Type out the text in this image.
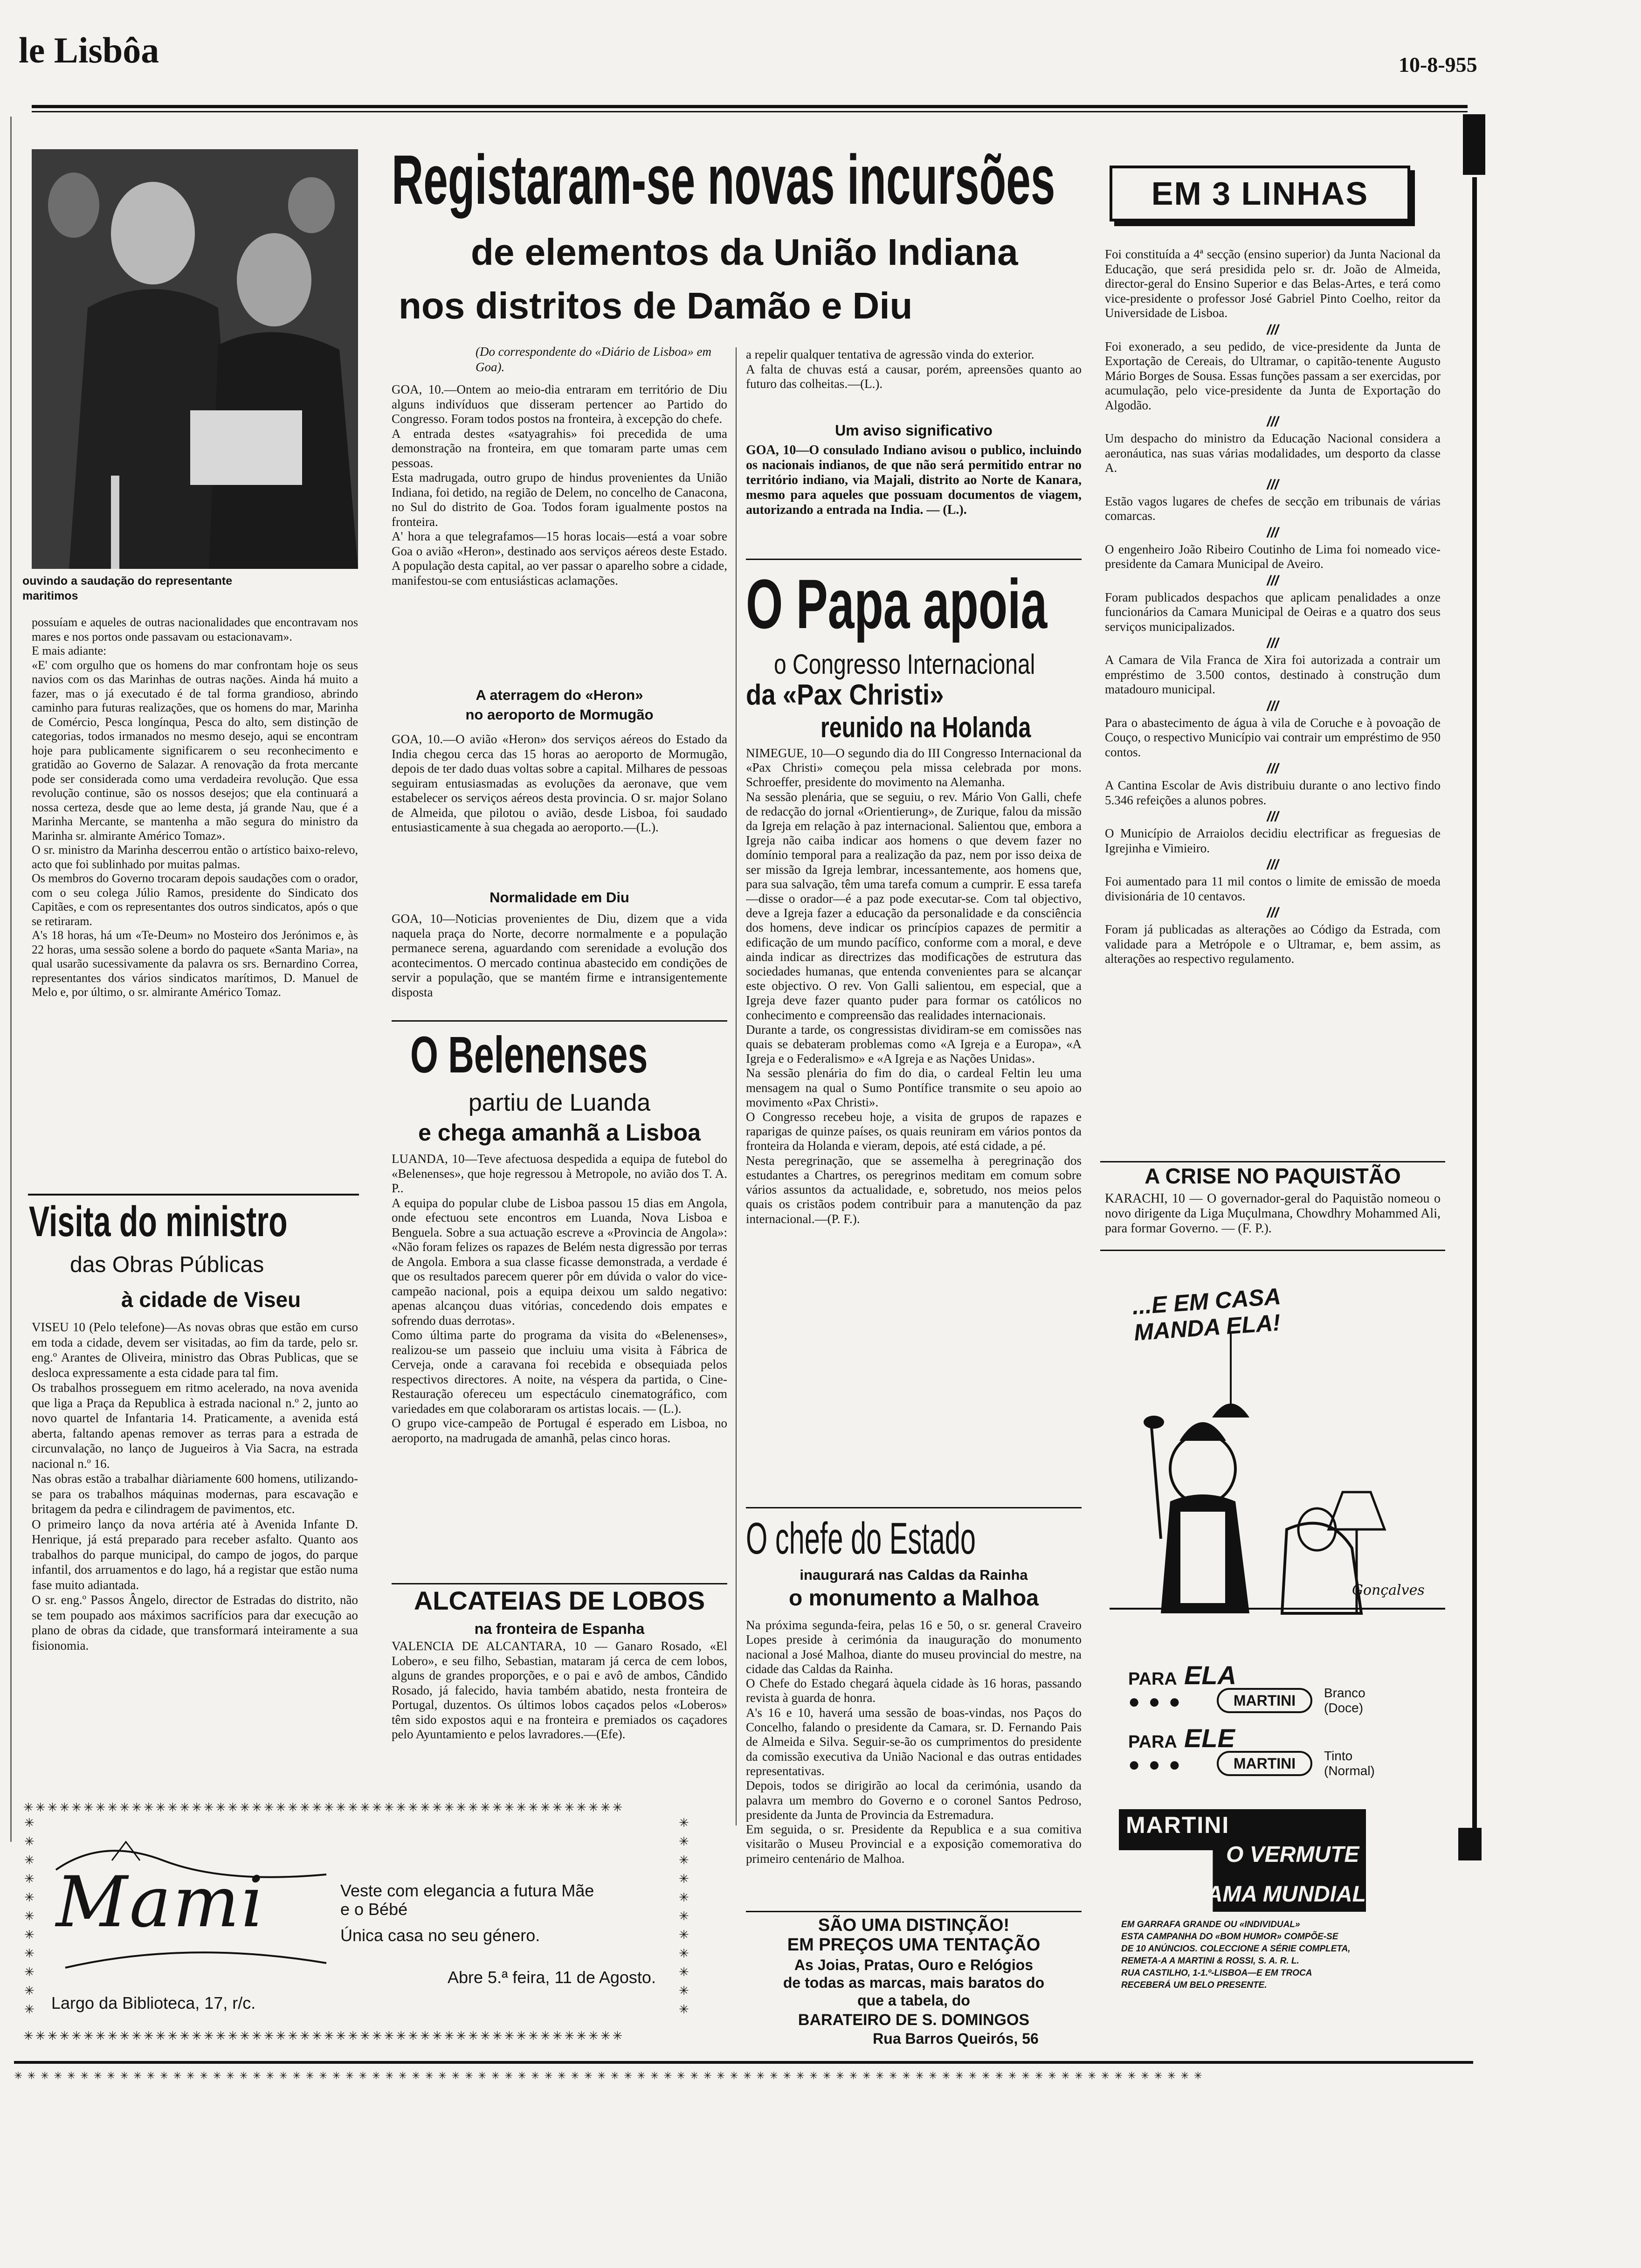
le Lisbôa	10-8-955
ouvindo a saudação do representante
maritimos
possuíam e aqueles de outras nacionalidades que encontravam nos mares e nos portos onde passavam ou estacionavam».
E mais adiante:
«E' com orgulho que os homens do mar confrontam hoje os seus navios com os das Marinhas de outras nações. Ainda há muito a fazer, mas o já executado é de tal forma grandioso, abrindo caminho para futuras realizações, que os homens do mar, Marinha de Comércio, Pesca longínqua, Pesca do alto, sem distinção de categorias, todos irmanados no mesmo desejo, aqui se encontram hoje para publicamente significarem o seu reconhecimento e gratidão ao Governo de Salazar. A renovação da frota mercante pode ser considerada como uma verdadeira revolução. Que essa revolução continue, são os nossos desejos; que ela continuará a nossa certeza, desde que ao leme desta, já grande Nau, que é a Marinha Mercante, se mantenha a mão segura do ministro da Marinha sr. almirante Américo Tomaz».
O sr. ministro da Marinha descerrou então o artístico baixo-relevo, acto que foi sublinhado por muitas palmas.
Os membros do Governo trocaram depois saudações com o orador, com o seu colega Júlio Ramos, presidente do Sindicato dos Capitães, e com os representantes dos outros sindicatos, após o que se retiraram.
A's 18 horas, há um «Te-Deum» no Mosteiro dos Jerónimos e, às 22 horas, uma sessão solene a bordo do paquete «Santa Maria», na qual usarão sucessivamente da palavra os srs. Bernardino Correa, representantes dos vários sindicatos marítimos, D. Manuel de Melo e, por último, o sr. almirante Américo Tomaz.
Visita do ministro
das Obras Públicas
à cidade de Viseu
VISEU 10 (Pelo telefone)—As novas obras que estão em curso em toda a cidade, devem ser visitadas, ao fim da tarde, pelo sr. eng.º Arantes de Oliveira, ministro das Obras Publicas, que se desloca expressamente a esta cidade para tal fim.
Os trabalhos prosseguem em ritmo acelerado, na nova avenida que liga a Praça da Republica à estrada nacional n.º 2, junto ao novo quartel de Infantaria 14. Praticamente, a avenida está aberta, faltando apenas remover as terras para a estrada de circunvalação, no lanço de Jugueiros à Via Sacra, na estrada nacional n.º 16.
Nas obras estão a trabalhar diàriamente 600 homens, utilizando-se para os trabalhos máquinas modernas, para escavação e britagem da pedra e cilindragem de pavimentos, etc.
O primeiro lanço da nova artéria até à Avenida Infante D. Henrique, já está preparado para receber asfalto. Quanto aos trabalhos do parque municipal, do campo de jogos, do parque infantil, dos arruamentos e do lago, há a registar que estão numa fase muito adiantada.
O sr. eng.º Passos Ângelo, director de Estradas do distrito, não se tem poupado aos máximos sacrifícios para dar execução ao plano de obras da cidade, que transformará inteiramente a sua fisionomia.
Registaram-se novas incursões
de elementos da União Indiana
nos distritos de Damão e Diu
(Do correspondente do «Diário de Lisboa» em Goa).
GOA, 10.—Ontem ao meio-dia entraram em território de Diu alguns indivíduos que disseram pertencer ao Partido do Congresso. Foram todos postos na fronteira, à excepção do chefe.
A entrada destes «satyagrahis» foi precedida de uma demonstração na fronteira, em que tomaram parte umas cem pessoas.
Esta madrugada, outro grupo de hindus provenientes da União Indiana, foi detido, na região de Delem, no concelho de Canacona, no Sul do distrito de Goa. Todos foram igualmente postos na fronteira.
A' hora a que telegrafamos—15 horas locais—está a voar sobre Goa o avião «Heron», destinado aos serviços aéreos deste Estado. A população desta capital, ao ver passar o aparelho sobre a cidade, manifestou-se com entusiásticas aclamações.
A aterragem do «Heron»
no aeroporto de Mormugão
GOA, 10.—O avião «Heron» dos serviços aéreos do Estado da India chegou cerca das 15 horas ao aeroporto de Mormugão, depois de ter dado duas voltas sobre a capital. Milhares de pessoas seguiram entusiasmadas as evoluções da aeronave, que vem estabelecer os serviços aéreos desta provincia. O sr. major Solano de Almeida, que pilotou o avião, desde Lisboa, foi saudado entusiasticamente à sua chegada ao aeroporto.—(L.).
Normalidade em Diu
GOA, 10—Noticias provenientes de Diu, dizem que a vida naquela praça do Norte, decorre normalmente e a população permanece serena, aguardando com serenidade a evolução dos acontecimentos. O mercado continua abastecido em condições de servir a população, que se mantém firme e intransigentemente disposta
a repelir qualquer tentativa de agressão vinda do exterior.
A falta de chuvas está a causar, porém, apreensões quanto ao futuro das colheitas.—(L.).
Um aviso significativo
GOA, 10—O consulado Indiano avisou o publico, incluindo os nacionais indianos, de que não será permitido entrar no território indiano, via Majali, distrito ao Norte de Kanara, mesmo para aqueles que possuam documentos de viagem, autorizando a entrada na India. — (L.).
O Papa apoia
o Congresso Internacional
da «Pax Christi»
reunido na Holanda
NIMEGUE, 10—O segundo dia do III Congresso Internacional da «Pax Christi» começou pela missa celebrada por mons. Schroeffer, presidente do movimento na Alemanha.
Na sessão plenária, que se seguiu, o rev. Mário Von Galli, chefe de redacção do jornal «Orientierung», de Zurique, falou da missão da Igreja em relação à paz internacional. Salientou que, embora a Igreja não caiba indicar aos homens o que devem fazer no domínio temporal para a realização da paz, nem por isso deixa de ser missão da Igreja lembrar, incessantemente, aos homens que, para sua salvação, têm uma tarefa comum a cumprir. E essa tarefa—disse o orador—é a paz pode executar-se. Com tal objectivo, deve a Igreja fazer a educação da personalidade e da consciência dos homens, deve indicar os princípios capazes de permitir a edificação de um mundo pacífico, conforme com a moral, e deve ainda indicar as directrizes das modificações de estrutura das sociedades humanas, que entenda convenientes para se alcançar este objectivo. O rev. Von Galli salientou, em especial, que a Igreja deve fazer quanto puder para formar os católicos no conhecimento e compreensão das realidades internacionais.
Durante a tarde, os congressistas dividiram-se em comissões nas quais se debateram problemas como «A Igreja e a Europa», «A Igreja e o Federalismo» e «A Igreja e as Nações Unidas».
Na sessão plenária do fim do dia, o cardeal Feltin leu uma mensagem na qual o Sumo Pontífice transmite o seu apoio ao movimento «Pax Christi».
O Congresso recebeu hoje, a visita de grupos de rapazes e raparigas de quinze países, os quais reuniram em vários pontos da fronteira da Holanda e vieram, depois, até está cidade, a pé.
Nesta peregrinação, que se assemelha à peregrinação dos estudantes a Chartres, os peregrinos meditam em comum sobre vários assuntos da actualidade, e, sobretudo, nos meios pelos quais os cristãos podem contribuir para a manutenção da paz internacional.—(P. F.).
O Belenenses
partiu de Luanda
e chega amanhã a Lisboa
LUANDA, 10—Teve afectuosa despedida a equipa de futebol do «Belenenses», que hoje regressou à Metropole, no avião dos T. A. P..
A equipa do popular clube de Lisboa passou 15 dias em Angola, onde efectuou sete encontros em Luanda, Nova Lisboa e Benguela. Sobre a sua actuação escreve a «Provincia de Angola»: «Não foram felizes os rapazes de Belém nesta digressão por terras de Angola. Embora a sua classe ficasse demonstrada, a verdade é que os resultados parecem querer pôr em dúvida o valor do vice-campeão nacional, pois a equipa deixou um saldo negativo: apenas alcançou duas vitórias, concedendo dois empates e sofrendo duas derrotas».
Como última parte do programa da visita do «Belenenses», realizou-se um passeio que incluiu uma visita à Fábrica de Cerveja, onde a caravana foi recebida e obsequiada pelos respectivos directores. A noite, na véspera da partida, o Cine-Restauração ofereceu um espectáculo cinematográfico, com variedades em que colaboraram os artistas locais. — (L.).
O grupo vice-campeão de Portugal é esperado em Lisboa, no aeroporto, na madrugada de amanhã, pelas cinco horas.
ALCATEIAS DE LOBOS
na fronteira de Espanha
VALENCIA DE ALCANTARA, 10 — Ganaro Rosado, «El Lobero», e seu filho, Sebastian, mataram já cerca de cem lobos, alguns de grandes proporções, e o pai e avô de ambos, Cândido Rosado, já falecido, havia também abatido, nesta fronteira de Portugal, duzentos. Os últimos lobos caçados pelos «Loberos» têm sido expostos aqui e na fronteira e premiados os caçadores pelo Ayuntamiento e pelos lavradores.—(Efe).
O chefe do Estado
inaugurará nas Caldas da Rainha
o monumento a Malhoa
Na próxima segunda-feira, pelas 16 e 50, o sr. general Craveiro Lopes preside à cerimónia da inauguração do monumento nacional a José Malhoa, diante do museu provincial do mestre, na cidade das Caldas da Rainha.
O Chefe do Estado chegará àquela cidade às 16 horas, passando revista à guarda de honra.
A's 16 e 10, haverá uma sessão de boas-vindas, nos Paços do Concelho, falando o presidente da Camara, sr. D. Fernando Pais de Almeida e Silva. Seguir-se-ão os cumprimentos do presidente da comissão executiva da União Nacional e das outras entidades representativas.
Depois, todos se dirigirão ao local da cerimónia, usando da palavra um membro do Governo e o coronel Santos Pedroso, presidente da Junta de Provincia da Estremadura.
Em seguida, o sr. Presidente da Republica e a sua comitiva visitarão o Museu Provincial e a exposição comemorativa do primeiro centenário de Malhoa.
SÃO UMA DISTINÇÃO!
EM PREÇOS UMA TENTAÇÃO
As Joias, Pratas, Ouro e Relógios
de todas as marcas, mais baratos do
que a tabela, do
BARATEIRO DE S. DOMINGOS
Rua Barros Queirós, 56
✳✳✳✳✳✳✳✳✳✳✳✳✳✳✳✳✳✳✳✳✳✳✳✳✳✳✳✳✳✳✳✳✳✳✳✳✳✳✳✳✳✳✳✳✳✳✳✳✳✳
✳✳✳✳✳✳✳✳✳✳✳✳✳✳✳✳✳✳✳✳✳✳✳✳✳✳✳✳✳✳✳✳✳✳✳✳✳✳✳✳✳✳✳✳✳✳✳✳✳✳
✳ ✳ ✳ ✳ ✳ ✳ ✳ ✳ ✳ ✳ ✳
✳ ✳ ✳ ✳ ✳ ✳ ✳ ✳ ✳ ✳ ✳
Mami	Veste com elegancia a futura Mãe
e o Bébé
Única casa no seu género.
Abre 5.ª feira, 11 de Agosto.
Largo da Biblioteca, 17, r/c.
EM 3 LINHAS
Foi constituída a 4ª secção (ensino superior) da Junta Nacional da Educação, que será presidida pelo sr. dr. João de Almeida, director-geral do Ensino Superior e das Belas-Artes, e terá como vice-presidente o professor José Gabriel Pinto Coelho, reitor da Universidade de Lisboa.
///
Foi exonerado, a seu pedido, de vice-presidente da Junta de Exportação de Cereais, do Ultramar, o capitão-tenente Augusto Mário Borges de Sousa. Essas funções passam a ser exercidas, por acumulação, pelo vice-presidente da Junta de Exportação do Algodão.
///
Um despacho do ministro da Educação Nacional considera a aeronáutica, nas suas várias modalidades, um desporto da classe A.
///
Estão vagos lugares de chefes de secção em tribunais de várias comarcas.
///
O engenheiro João Ribeiro Coutinho de Lima foi nomeado vice-presidente da Camara Municipal de Aveiro.
///
Foram publicados despachos que aplicam penalidades a onze funcionários da Camara Municipal de Oeiras e a quatro dos seus serviços municipalizados.
///
A Camara de Vila Franca de Xira foi autorizada a contrair um empréstimo de 3.500 contos, destinado à construção dum matadouro municipal.
///
Para o abastecimento de água à vila de Coruche e à povoação de Couço, o respectivo Município vai contrair um empréstimo de 950 contos.
///
A Cantina Escolar de Avis distribuiu durante o ano lectivo findo 5.346 refeições a alunos pobres.
///
O Município de Arraiolos decidiu electrificar as freguesias de Igrejinha e Vimieiro.
///
Foi aumentado para 11 mil contos o limite de emissão de moeda divisionária de 10 centavos.
///
Foram já publicadas as alterações ao Código da Estrada, com validade para a Metrópole e o Ultramar, e, bem assim, as alterações ao respectivo regulamento.
A CRISE NO PAQUISTÃO
KARACHI, 10 — O governador-geral do Paquistão nomeou o novo dirigente da Liga Muçulmana, Chowdhry Mohammed Ali, para formar Governo. — (F. P.).
...E EM CASA
MANDA ELA!
Gonçalves
PARA ELA
●●●	MARTINI	Branco
(Doce)
PARA ELE
●●●	MARTINI	Tinto
(Normal)
MARTINI
O VERMUTE
DE FAMA MUNDIAL
EM GARRAFA GRANDE OU «INDIVIDUAL»
ESTA CAMPANHA DO «BOM HUMOR» COMPÕE-SE
DE 10 ANÚNCIOS. COLECCIONE A SÉRIE COMPLETA,
REMETA-A A MARTINI & ROSSI, S. A. R. L.
RUA CASTILHO, 1-1.º-LISBOA—E EM TROCA
RECEBERÁ UM BELO PRESENTE.
✳✳✳✳✳✳✳✳✳✳✳✳✳✳✳✳✳✳✳✳✳✳✳✳✳✳✳✳✳✳✳✳✳✳✳✳✳✳✳✳✳✳✳✳✳✳✳✳✳✳✳✳✳✳✳✳✳✳✳✳✳✳✳✳✳✳✳✳✳✳✳✳✳✳✳✳✳✳✳✳✳✳✳✳✳✳✳✳✳✳
